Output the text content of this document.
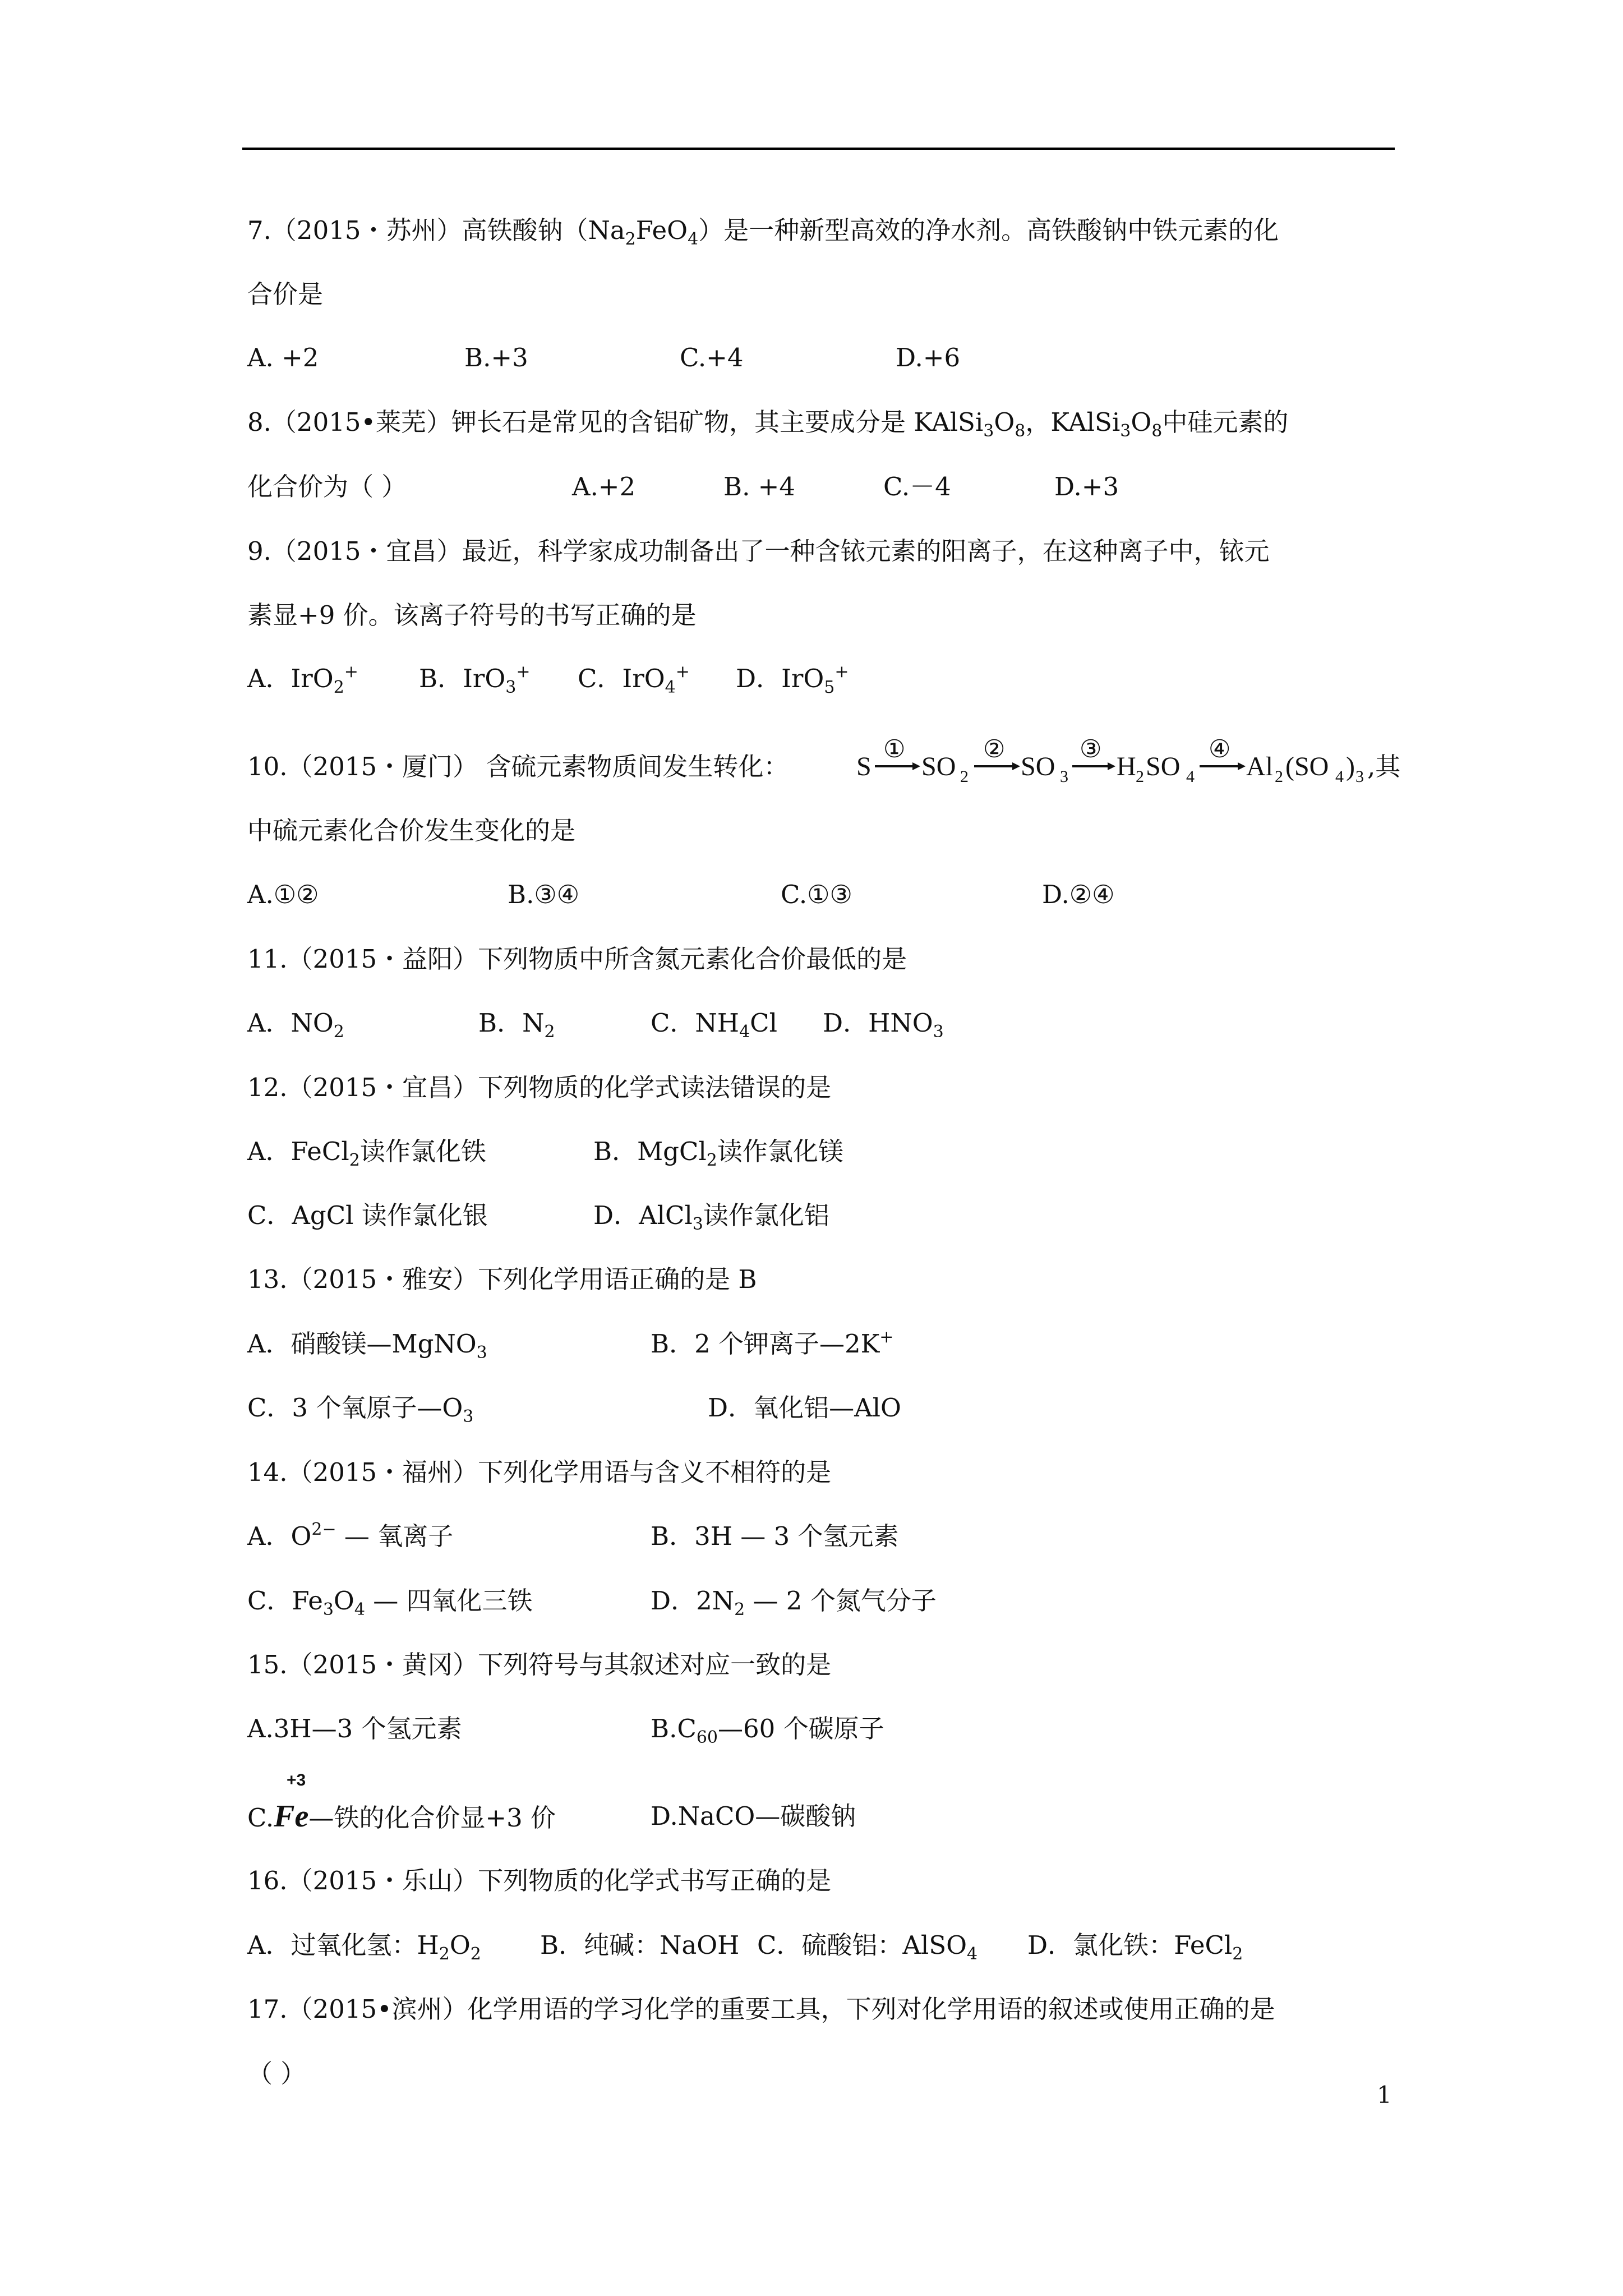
7.（2015・苏州）高铁酸钠$(Na_2FeO_4)$是一种新型高效的净水剂。高铁酸钠中铁元素的化
合价是
A. +2	B.+3	C.+4	D.+6
8.（2015•莱芜）钾长石是常见的含铝矿物，其主要成分是 $KAlSi_3O_8$，$KAlSi_3O_8$中硅元素的
化合价为（ ）	A.+2	B. +4	C.－4	D.+3
9.（2015・宜昌）最近，科学家成功制备出了一种含铱元素的阳离子，在这种离子中，铱元
素显+9 价。该离子符号的书写正确的是
A．IrO$_2$+ B．IrO$_3$+ C．IrO$_4$+ D．IrO$_5$+
10.（2015・厦门） 含硫元素物质间发生转化：	S SO 2 SO 3 H 2 SO 4 Al 2 (SO 4 ) 3
①	②	③	④
,其
中硫元素化合价发生变化的是
A.①②	B.③④	C.①③	D.②④
11.（2015・益阳）下列物质中所含氮元素化合价最低的是
A．$NO_2$	B．$N_2$	C．$NH_4Cl$ D．$HNO_3$
12.（2015・宜昌）下列物质的化学式读法错误的是
A．FeCl$_2$读作氯化铁	B．MgCl$_2$读作氯化镁
C．AgCl 读作氯化银	D．AlCl$_3$读作氯化铝
13.（2015・雅安）下列化学用语正确的是 B
A．硝酸镁—MgNO$_3$	B．2 个钾离子—2K+
C．3 个氧原子$—O_3$	D．氧化铝—AlO
14.（2015・福州）下列化学用语与含义不相符的是
A．$O^{2-}$ — 氧离子	B．3H — 3 个氢元素
C．$Fe_3O_4$ — 四氧化三铁	D．$2N_2$ — 2 个氮气分子
15.（2015・黄冈）下列符号与其叙述对应一致的是
A.3H—3 个氢元素	$B.C_{60}—60$ 个碳原子
C.Fe—铁的化合价显+3 价
+3
D.NaCO—碳酸钠
16.（2015・乐山）下列物质的化学式书写正确的是
A．过氧化氢：$H_2O_2$ B．纯碱：NaOH C．硫酸铝：AlSO$_4$ D．氯化铁：FeCl$_2$
17.（2015•滨州）化学用语的学习化学的重要工具，下列对化学用语的叙述或使用正确的是
（ ）
1
